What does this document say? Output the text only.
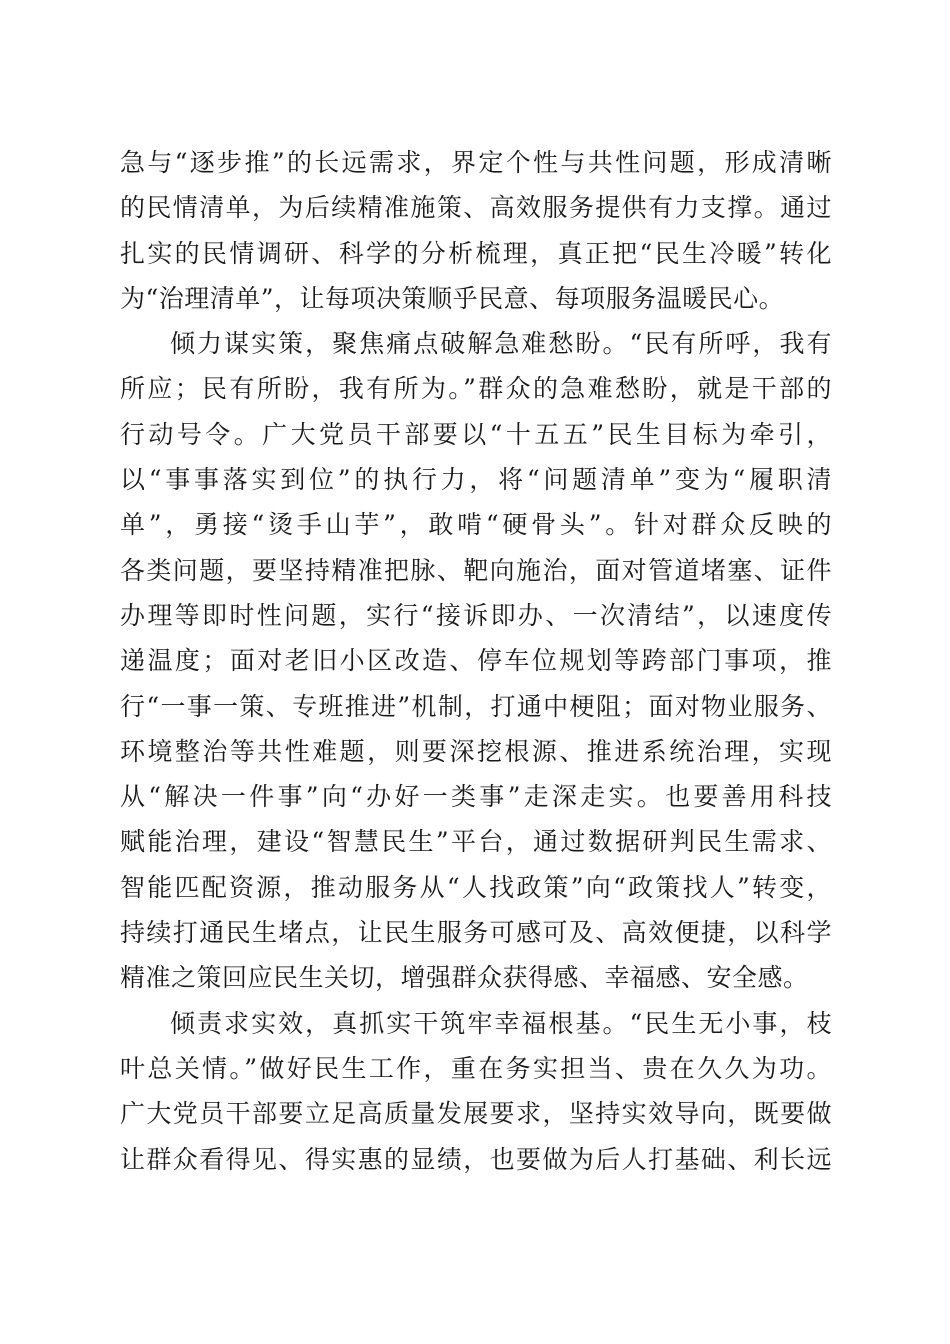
急与“逐步推”的长远需求，界定个性与共性问题，形成清晰
的民情清单，为后续精准施策、高效服务提供有力支撑。通过
扎实的民情调研、科学的分析梳理，真正把“民生冷暖”转化
为“治理清单”，让每项决策顺乎民意、每项服务温暖民心。
倾力谋实策，聚焦痛点破解急难愁盼。“民有所呼，我有
所应；民有所盼，我有所为。”群众的急难愁盼，就是干部的
行动号令。广大党员干部要以“十五五”民生目标为牵引，
以“事事落实到位”的执行力，将“问题清单”变为“履职清
单”，勇接“烫手山芋”，敢啃“硬骨头”。针对群众反映的
各类问题，要坚持精准把脉、靶向施治，面对管道堵塞、证件
办理等即时性问题，实行“接诉即办、一次清结”，以速度传
递温度；面对老旧小区改造、停车位规划等跨部门事项，推
行“一事一策、专班推进”机制，打通中梗阻；面对物业服务、
环境整治等共性难题，则要深挖根源、推进系统治理，实现
从“解决一件事”向“办好一类事”走深走实。也要善用科技
赋能治理，建设“智慧民生”平台，通过数据研判民生需求、
智能匹配资源，推动服务从“人找政策”向“政策找人”转变，
持续打通民生堵点，让民生服务可感可及、高效便捷，以科学
精准之策回应民生关切，增强群众获得感、幸福感、安全感。
倾责求实效，真抓实干筑牢幸福根基。“民生无小事，枝
叶总关情。”做好民生工作，重在务实担当、贵在久久为功。
广大党员干部要立足高质量发展要求，坚持实效导向，既要做
让群众看得见、得实惠的显绩，也要做为后人打基础、利长远
